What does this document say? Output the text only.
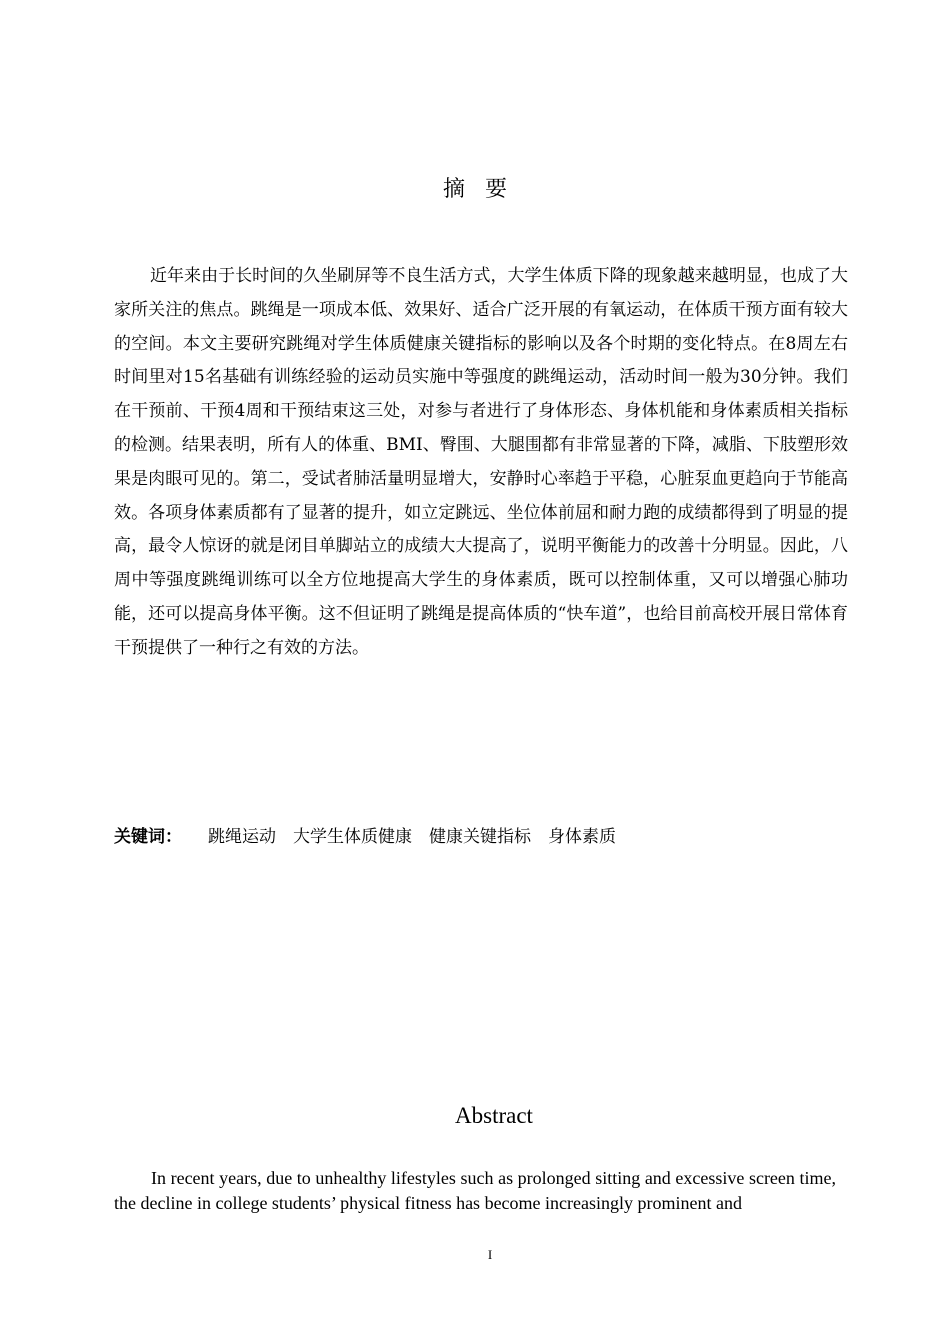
摘要

近年来由于长时间的久坐刷屏等不良生活方式，大学生体质下降的现象越来越明显，也成了大家所关注的焦点。跳绳是一项成本低、效果好、适合广泛开展的有氧运动，在体质干预方面有较大的空间。本文主要研究跳绳对学生体质健康关键指标的影响以及各个时期的变化特点。在8周左右时间里对15名基础有训练经验的运动员实施中等强度的跳绳运动，活动时间一般为30分钟。我们在干预前、干预4周和干预结束这三处，对参与者进行了身体形态、身体机能和身体素质相关指标的检测。结果表明，所有人的体重、BMI、臀围、大腿围都有非常显著的下降，减脂、下肢塑形效果是肉眼可见的。第二，受试者肺活量明显增大，安静时心率趋于平稳，心脏泵血更趋向于节能高效。各项身体素质都有了显著的提升，如立定跳远、坐位体前屈和耐力跑的成绩都得到了明显的提高，最令人惊讶的就是闭目单脚站立的成绩大大提高了，说明平衡能力的改善十分明显。因此，八周中等强度跳绳训练可以全方位地提高大学生的身体素质，既可以控制体重，又可以增强心肺功能，还可以提高身体平衡。这不但证明了跳绳是提高体质的“快车道”，也给目前高校开展日常体育干预提供了一种行之有效的方法。

关键词： 跳绳运动 大学生体质健康 健康关键指标 身体素质
Abstract

In recent years, due to unhealthy lifestyles such as prolonged sitting and excessive screen time, the decline in college students’ physical fitness has become increasingly prominent and

I
